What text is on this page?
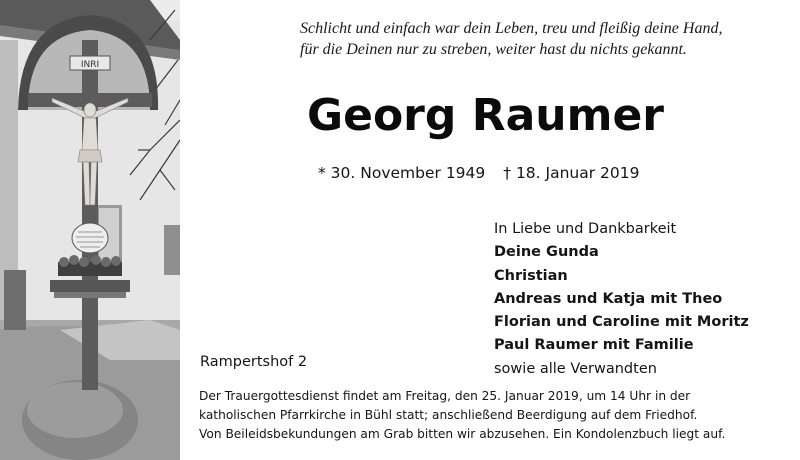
INRI
Schlicht und einfach war dein Leben, treu und fleißig deine Hand,
für die Deinen nur zu streben, weiter hast du nichts gekannt.
Georg Raumer
* 30. November 1949 † 18. Januar 2019
In Liebe und Dankbarkeit
Deine Gunda
Christian
Andreas und Katja mit Theo
Florian und Caroline mit Moritz
Paul Raumer mit Familie
sowie alle Verwandten
Rampertshof 2
Der Trauergottesdienst findet am Freitag, den 25. Januar 2019, um 14 Uhr in der
katholischen Pfarrkirche in Bühl statt; anschließend Beerdigung auf dem Friedhof.
Von Beileidsbekundungen am Grab bitten wir abzusehen. Ein Kondolenzbuch liegt auf.
